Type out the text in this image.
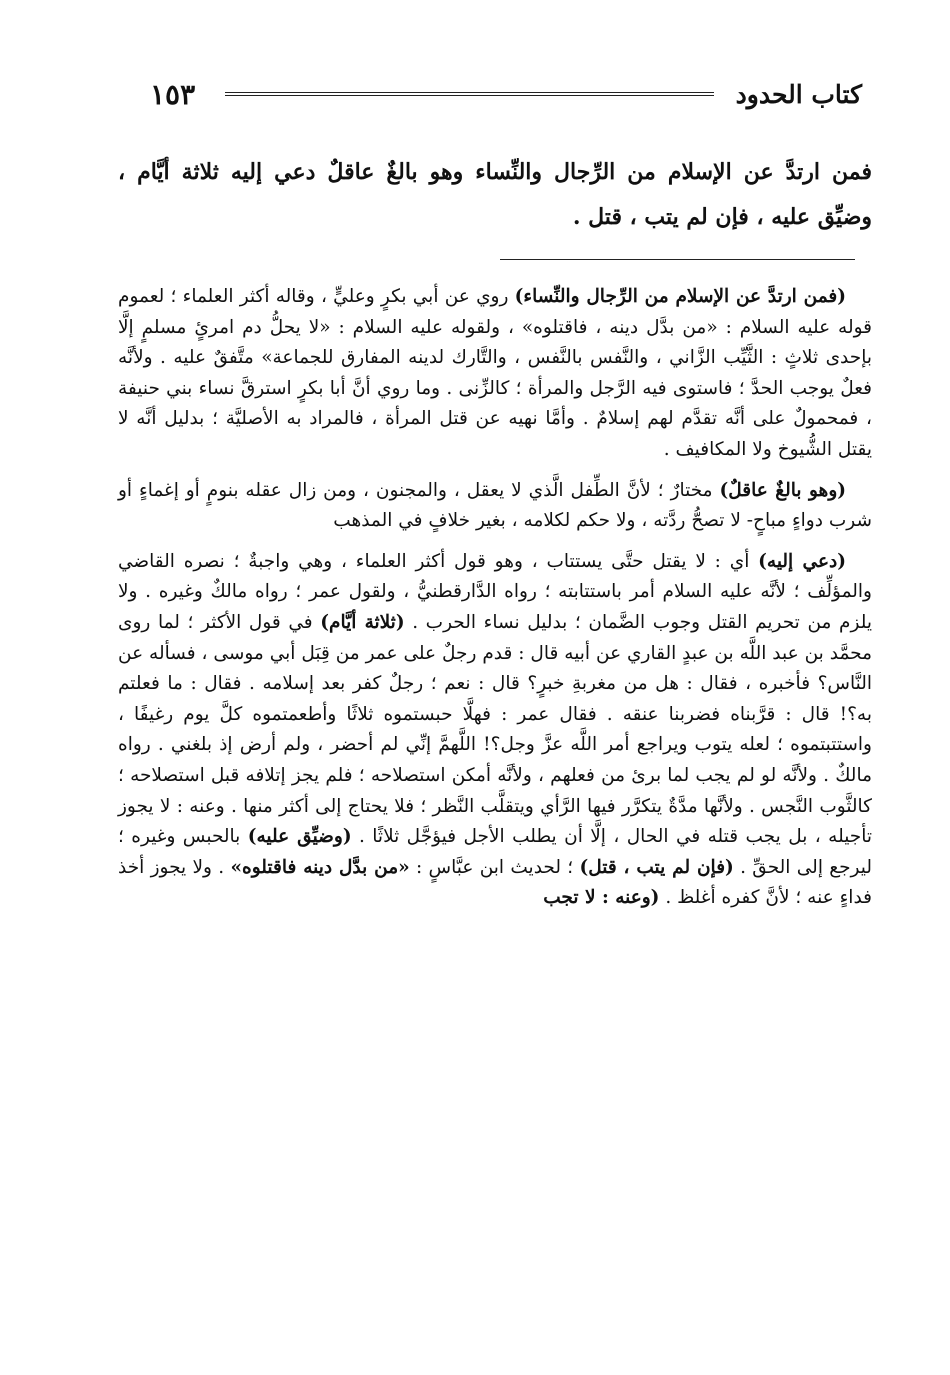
كتاب الحدود
١٥٣
فمن ارتدَّ عن الإسلام من الرِّجال والنِّساء وهو بالغٌ عاقلٌ دعي إليه ثلاثة أيَّام ، وضيِّق عليه ، فإن لم يتب ، قتل .

(فمن ارتدَّ عن الإسلام من الرِّجال والنِّساء) روي عن أبي بكرٍ وعليٍّ ، وقاله أكثر العلماء ؛ لعموم قوله عليه السلام : «من بدَّل دينه ، فاقتلوه» ، ولقوله عليه السلام : «لا يحلُّ دم امرئٍ مسلمٍ إلَّا بإحدى ثلاثٍ : الثَّيِّب الزَّاني ، والنَّفس بالنَّفس ، والتَّارك لدينه المفارق للجماعة» متَّفقٌ عليه . ولأنَّه فعلٌ يوجب الحدَّ ؛ فاستوى فيه الرَّجل والمرأة ؛ كالزِّنى . وما روي أنَّ أبا بكرٍ استرقَّ نساء بني حنيفة ، فمحمولٌ على أنَّه تقدَّم لهم إسلامٌ . وأمَّا نهيه عن قتل المرأة ، فالمراد به الأصليَّة ؛ بدليل أنَّه لا يقتل الشُّيوخ ولا المكافيف .

(وهو بالغٌ عاقلٌ) مختارٌ ؛ لأنَّ الطِّفل الَّذي لا يعقل ، والمجنون ، ومن زال عقله بنومٍ أو إغماءٍ أو شرب دواءٍ مباحٍ- لا تصحُّ ردَّته ، ولا حكم لكلامه ، بغير خلافٍ في المذهب

(دعي إليه) أي : لا يقتل حتَّى يستتاب ، وهو قول أكثر العلماء ، وهي واجبةٌ ؛ نصره القاضي والمؤلِّف ؛ لأنَّه عليه السلام أمر باستتابته ؛ رواه الدَّارقطنيُّ ، ولقول عمر ؛ رواه مالكٌ وغيره . ولا يلزم من تحريم القتل وجوب الضَّمان ؛ بدليل نساء الحرب . (ثلاثة أيَّام) في قول الأكثر ؛ لما روى محمَّد بن عبد اللَّه بن عبدٍ القاري عن أبيه قال : قدم رجلٌ على عمر من قِبَل أبي موسى ، فسأله عن النَّاس؟ فأخبره ، فقال : هل من مغربةِ خبرٍ؟ قال : نعم ؛ رجلٌ كفر بعد إسلامه . فقال : ما فعلتم به؟! قال : قرَّبناه فضربنا عنقه . فقال عمر : فهلَّا حبستموه ثلاثًا وأطعمتموه كلَّ يوم رغيفًا ، واستتبتموه ؛ لعله يتوب ويراجع أمر اللَّه عزَّ وجل؟! اللَّهمَّ إنِّي لم أحضر ، ولم أرض إذ بلغني . رواه مالكٌ . ولأنَّه لو لم يجب لما برئ من فعلهم ، ولأنَّه أمكن استصلاحه ؛ فلم يجز إتلافه قبل استصلاحه ؛ كالثَّوب النَّجس . ولأنَّها مدَّةٌ يتكرَّر فيها الرَّأي ويتقلَّب النَّظر ؛ فلا يحتاج إلى أكثر منها . وعنه : لا يجوز تأجيله ، بل يجب قتله في الحال ، إلَّا أن يطلب الأجل فيؤجَّل ثلاثًا . (وضيِّق عليه) بالحبس وغيره ؛ ليرجع إلى الحقِّ . (فإن لم يتب ، قتل) ؛ لحديث ابن عبَّاسٍ : «من بدَّل دينه فاقتلوه» . ولا يجوز أخذ فداءٍ عنه ؛ لأنَّ كفره أغلظ . (وعنه : لا تجب
